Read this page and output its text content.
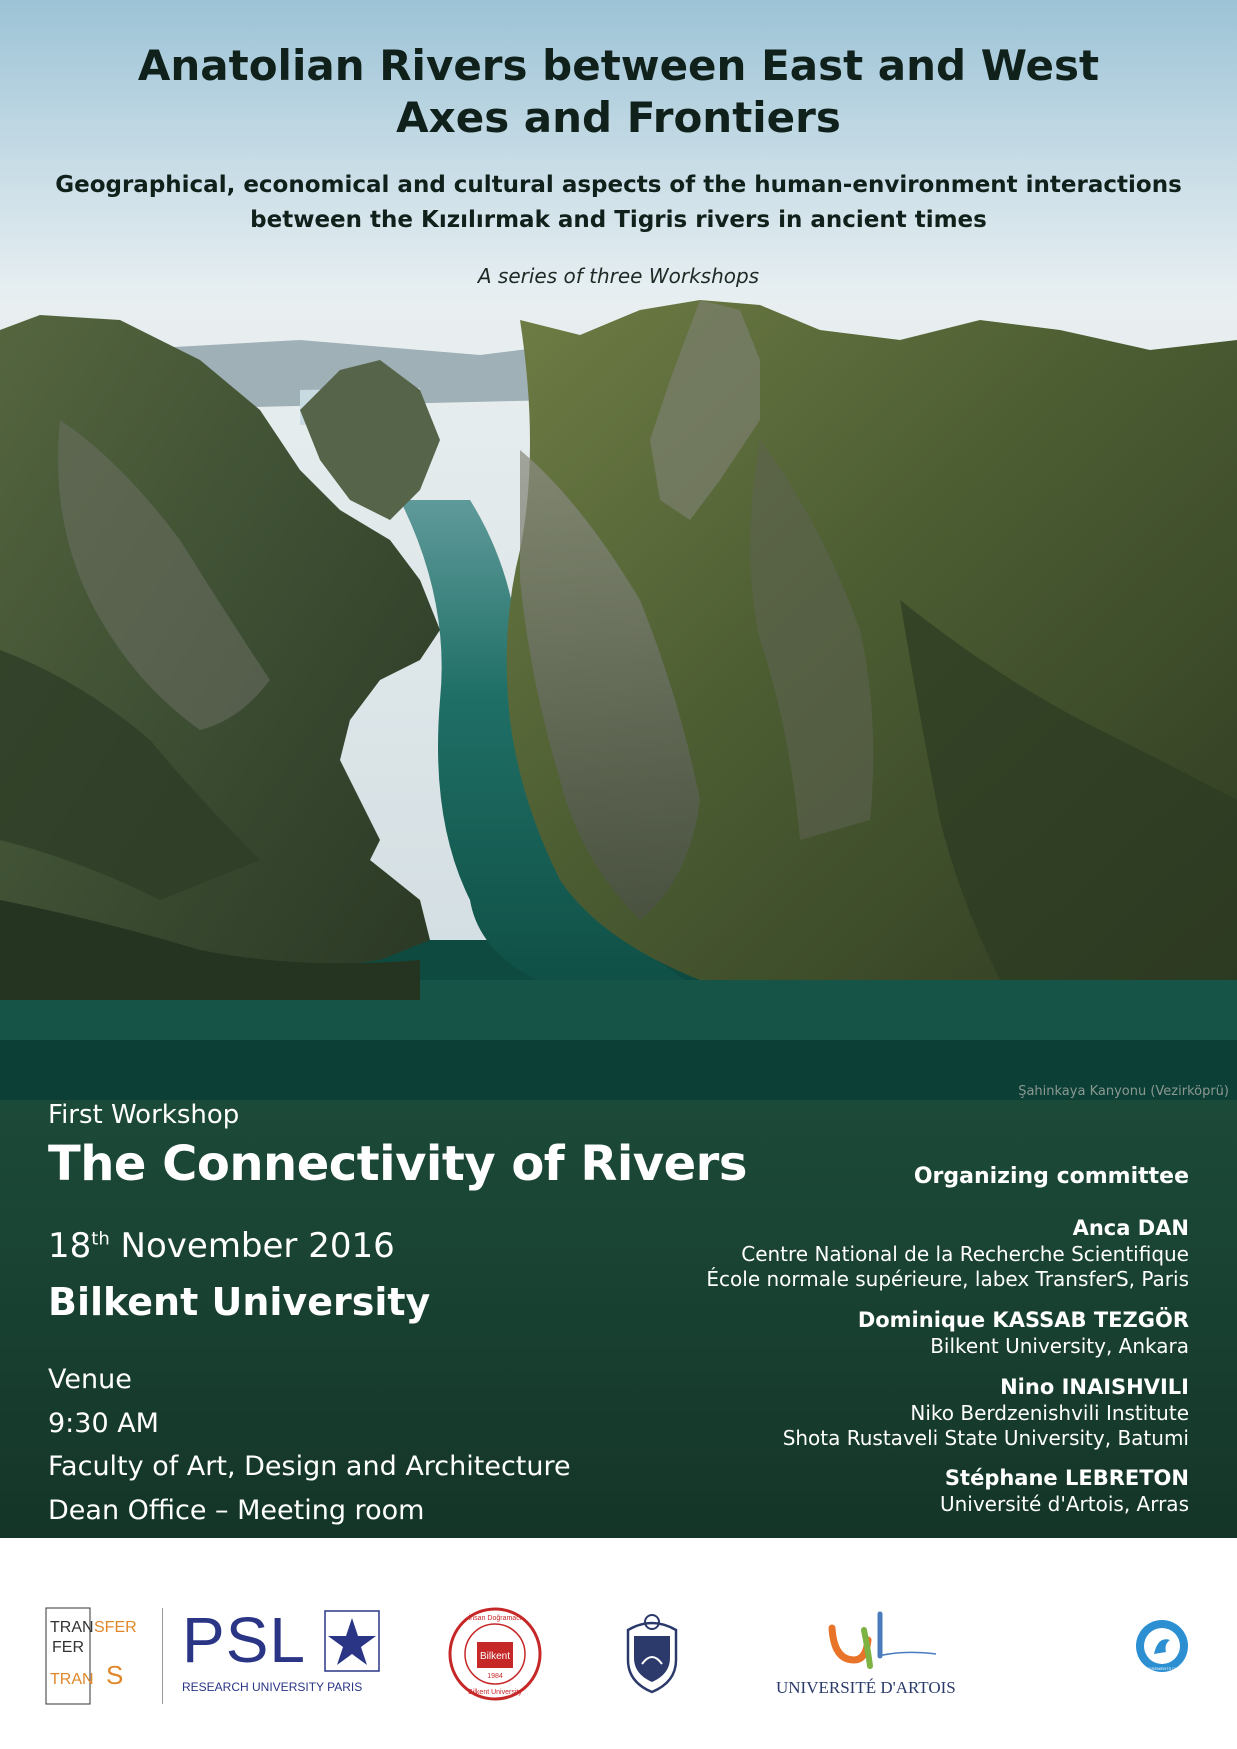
Anatolian Rivers between East and West
Axes and Frontiers
Geographical, economical and cultural aspects of the human-environment interactions
between the Kızılırmak and Tigris rivers in ancient times
A series of three Workshops
Şahinkaya Kanyonu (Vezirköprü)
First Workshop
The Connectivity of Rivers
18th November 2016
Bilkent University
Venue
9:30 AM
Faculty of Art, Design and Architecture
Dean Office – Meeting room
Organizing committee
Anca DAN
Centre National de la Recherche Scientifique
École normale supérieure, labex TransferS, Paris
Dominique KASSAB TEZGÖR
Bilkent University, Ankara
Nino INAISHVILI
Niko Berdzenishvili Institute
Shota Rustaveli State University, Batumi
Stéphane LEBRETON
Université d'Artois, Arras
TRAN
FER
SFER
TRAN S PSL
RESEARCH UNIVERSITY PARIS
Bilkent
1984
İhsan Doğramacı
Bilkent University	UNIVERSITÉ D'ARTOIS
INVESTISSEMENTS D'AVENIR
